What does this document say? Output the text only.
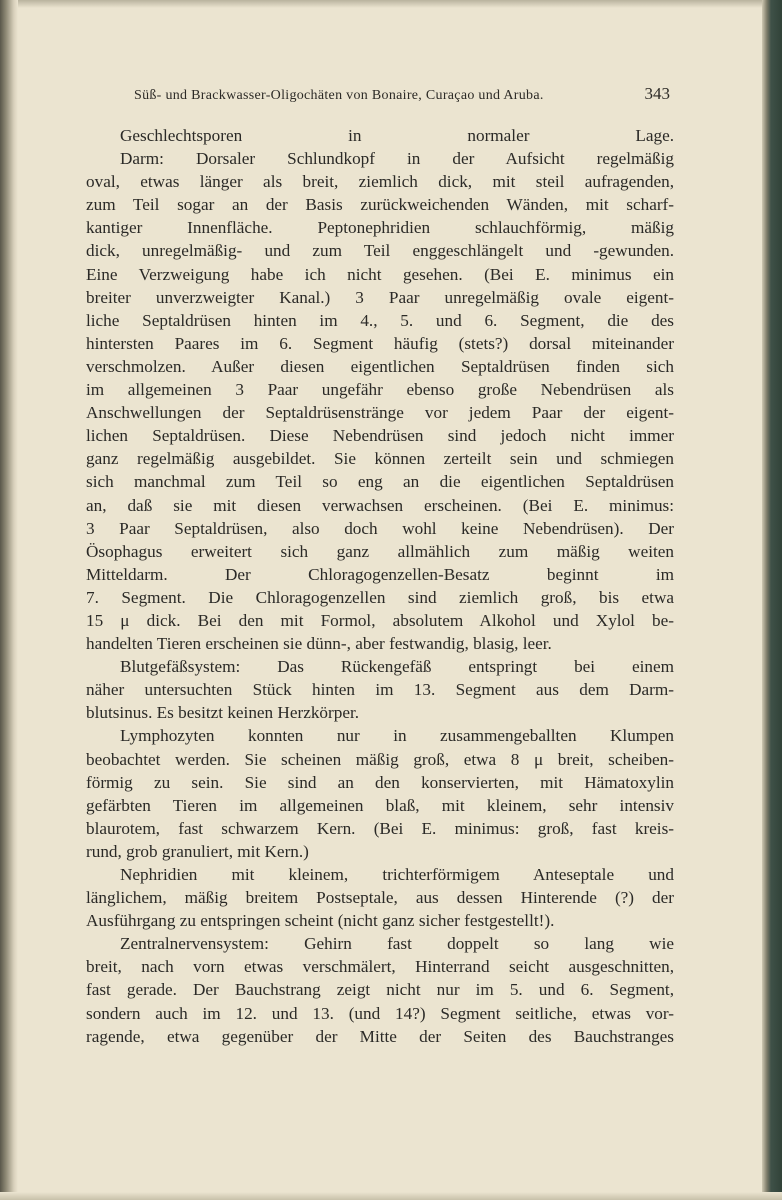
Süß- und Brackwasser-Oligochäten von Bonaire, Curaçao und Aruba.	343
Geschlechtsporen in normaler Lage.
Darm: Dorsaler Schlundkopf in der Aufsicht regelmäßig
oval, etwas länger als breit, ziemlich dick, mit steil aufragenden,
zum Teil sogar an der Basis zurückweichenden Wänden, mit scharf-
kantiger Innenfläche. Peptonephridien schlauchförmig, mäßig
dick, unregelmäßig- und zum Teil enggeschlängelt und -gewunden.
Eine Verzweigung habe ich nicht gesehen. (Bei E. minimus ein
breiter unverzweigter Kanal.) 3 Paar unregelmäßig ovale eigent-
liche Septaldrüsen hinten im 4., 5. und 6. Segment, die des
hintersten Paares im 6. Segment häufig (stets?) dorsal miteinander
verschmolzen. Außer diesen eigentlichen Septaldrüsen finden sich
im allgemeinen 3 Paar ungefähr ebenso große Nebendrüsen als
Anschwellungen der Septaldrüsenstränge vor jedem Paar der eigent-
lichen Septaldrüsen. Diese Nebendrüsen sind jedoch nicht immer
ganz regelmäßig ausgebildet. Sie können zerteilt sein und schmiegen
sich manchmal zum Teil so eng an die eigentlichen Septaldrüsen
an, daß sie mit diesen verwachsen erscheinen. (Bei E. minimus:
3 Paar Septaldrüsen, also doch wohl keine Nebendrüsen). Der
Ösophagus erweitert sich ganz allmählich zum mäßig weiten
Mitteldarm. Der Chloragogenzellen-Besatz beginnt im
7. Segment. Die Chloragogenzellen sind ziemlich groß, bis etwa
15 μ dick. Bei den mit Formol, absolutem Alkohol und Xylol be-
handelten Tieren erscheinen sie dünn-, aber festwandig, blasig, leer.
Blutgefäßsystem: Das Rückengefäß entspringt bei einem
näher untersuchten Stück hinten im 13. Segment aus dem Darm-
blutsinus. Es besitzt keinen Herzkörper.
Lymphozyten konnten nur in zusammengeballten Klumpen
beobachtet werden. Sie scheinen mäßig groß, etwa 8 μ breit, scheiben-
förmig zu sein. Sie sind an den konservierten, mit Hämatoxylin
gefärbten Tieren im allgemeinen blaß, mit kleinem, sehr intensiv
blaurotem, fast schwarzem Kern. (Bei E. minimus: groß, fast kreis-
rund, grob granuliert, mit Kern.)
Nephridien mit kleinem, trichterförmigem Anteseptale und
länglichem, mäßig breitem Postseptale, aus dessen Hinterende (?) der
Ausführgang zu entspringen scheint (nicht ganz sicher festgestellt!).
Zentralnervensystem: Gehirn fast doppelt so lang wie
breit, nach vorn etwas verschmälert, Hinterrand seicht ausgeschnitten,
fast gerade. Der Bauchstrang zeigt nicht nur im 5. und 6. Segment,
sondern auch im 12. und 13. (und 14?) Segment seitliche, etwas vor-
ragende, etwa gegenüber der Mitte der Seiten des Bauchstranges
